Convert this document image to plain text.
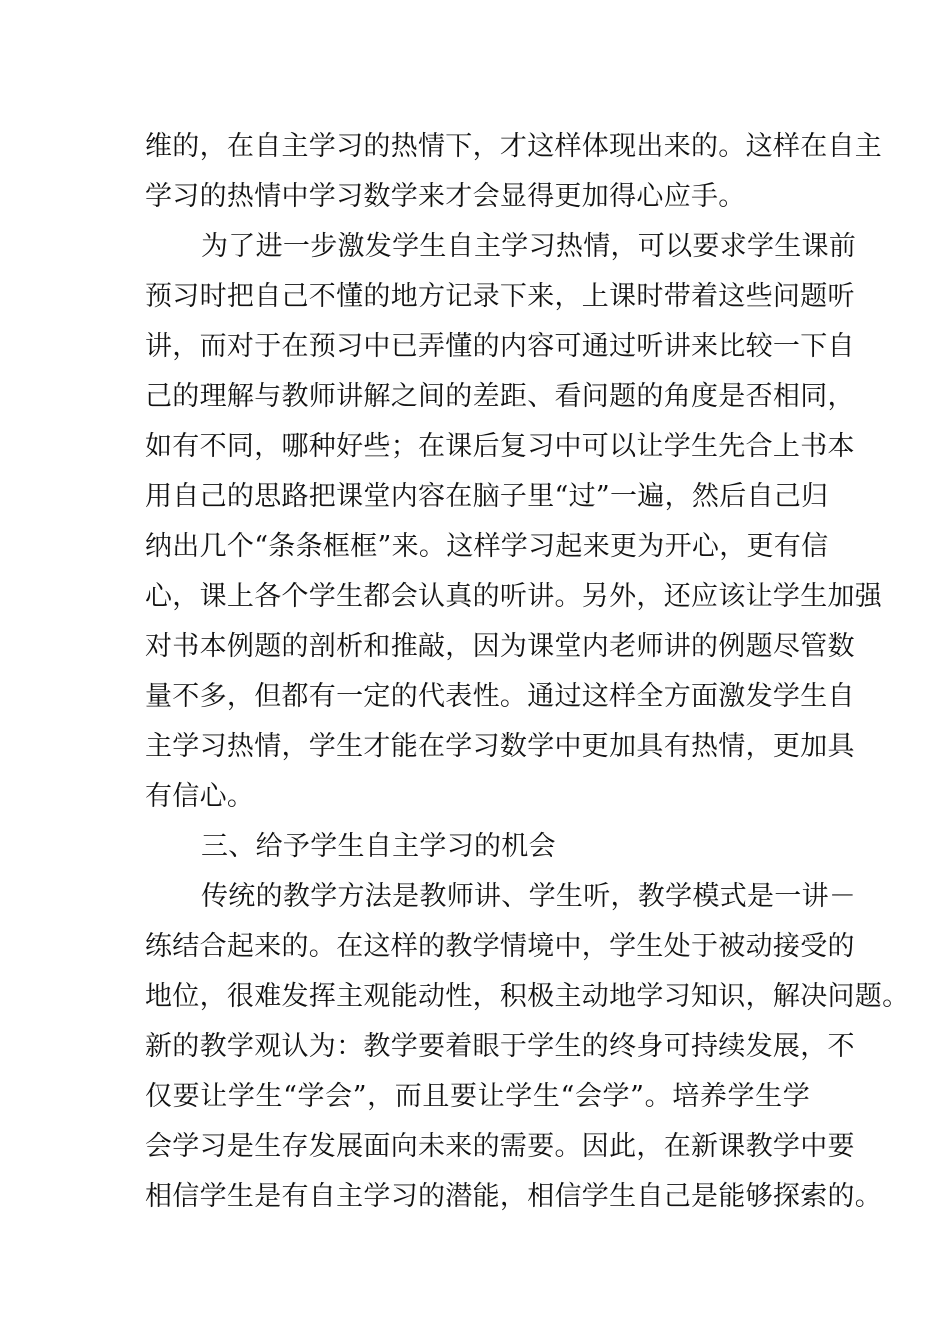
维的，在自主学习的热情下，才这样体现出来的。这样在自主
学习的热情中学习数学来才会显得更加得心应手。
为了进一步激发学生自主学习热情，可以要求学生课前
预习时把自己不懂的地方记录下来，上课时带着这些问题听
讲，而对于在预习中已弄懂的内容可通过听讲来比较一下自
己的理解与教师讲解之间的差距、看问题的角度是否相同，
如有不同，哪种好些；在课后复习中可以让学生先合上书本
用自己的思路把课堂内容在脑子里“过”一遍，然后自己归
纳出几个“条条框框”来。这样学习起来更为开心，更有信
心，课上各个学生都会认真的听讲。另外，还应该让学生加强
对书本例题的剖析和推敲，因为课堂内老师讲的例题尽管数
量不多，但都有一定的代表性。通过这样全方面激发学生自
主学习热情，学生才能在学习数学中更加具有热情，更加具
有信心。
三、给予学生自主学习的机会
传统的教学方法是教师讲、学生听，教学模式是一讲－
练结合起来的。在这样的教学情境中，学生处于被动接受的
地位，很难发挥主观能动性，积极主动地学习知识，解决问题。
新的教学观认为：教学要着眼于学生的终身可持续发展，不
仅要让学生“学会”，而且要让学生“会学”。培养学生学
会学习是生存发展面向未来的需要。因此，在新课教学中要
相信学生是有自主学习的潜能，相信学生自己是能够探索的。
